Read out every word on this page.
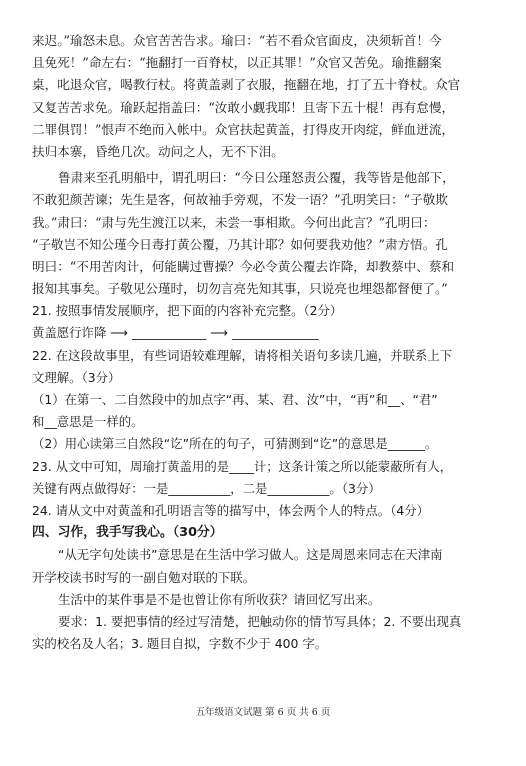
来迟。”瑜怒未息。众官苦苦告求。瑜曰：“若不看众官面皮，决须斩首！今
且免死！”命左右：“拖翻打一百脊杖，以正其罪！”众官又苦免。瑜推翻案
桌，叱退众官，喝教行杖。将黄盖剥了衣服，拖翻在地，打了五十脊杖。众官
又复苦苦求免。瑜跃起指盖曰：“汝敢小觑我耶！且寄下五十棍！再有怠慢，
二罪俱罚！”恨声不绝而入帐中。众官扶起黄盖，打得皮开肉绽，鲜血迸流，
扶归本寨，昏绝几次。动问之人，无不下泪。
鲁肃来至孔明船中，谓孔明曰：“今日公瑾怒责公覆，我等皆是他部下，
不敢犯颜苦谏；先生是客，何故袖手旁观，不发一语？”孔明笑曰：“子敬欺
我。”肃曰：“肃与先生渡江以来，未尝一事相欺。今何出此言？”孔明曰：
“子敬岂不知公瑾今日毒打黄公覆，乃其计耶？如何要我劝他？”肃方悟。孔
明曰：“不用苦肉计，何能瞒过曹操？今必令黄公覆去诈降，却教蔡中、蔡和
报知其事矣。子敬见公瑾时，切勿言亮先知其事，只说亮也埋怨都督便了。”
21. 按照事情发展顺序，把下面的内容补充完整。（2分）
黄盖愿行诈降 ⟶ ____________ ⟶ ______________
22. 在这段故事里，有些词语较难理解，请将相关语句多读几遍，并联系上下
文理解。（3分）
（1）在第一、二自然段中的加点字“再、某、君、汝”中，“再”和__、“君”
和__意思是一样的。
（2）用心读第三自然段“讫”所在的句子，可猜测到“讫”的意思是______。
23. 从文中可知，周瑜打黄盖用的是____计；这条计策之所以能蒙蔽所有人，
关键有两点做得好：一是__________，二是__________。（3分）
24. 请从文中对黄盖和孔明语言等的描写中，体会两个人的特点。（4分）
四、习作，我手写我心。（30分）
“从无字句处读书”意思是在生活中学习做人。这是周恩来同志在天津南
开学校读书时写的一副自勉对联的下联。
生活中的某件事是不是也曾让你有所收获？请回忆写出来。
要求：1. 要把事情的经过写清楚，把触动你的情节写具体；2. 不要出现真
实的校名及人名；3. 题目自拟，字数不少于 400 字。
五年级语文试题 第 6 页 共 6 页
